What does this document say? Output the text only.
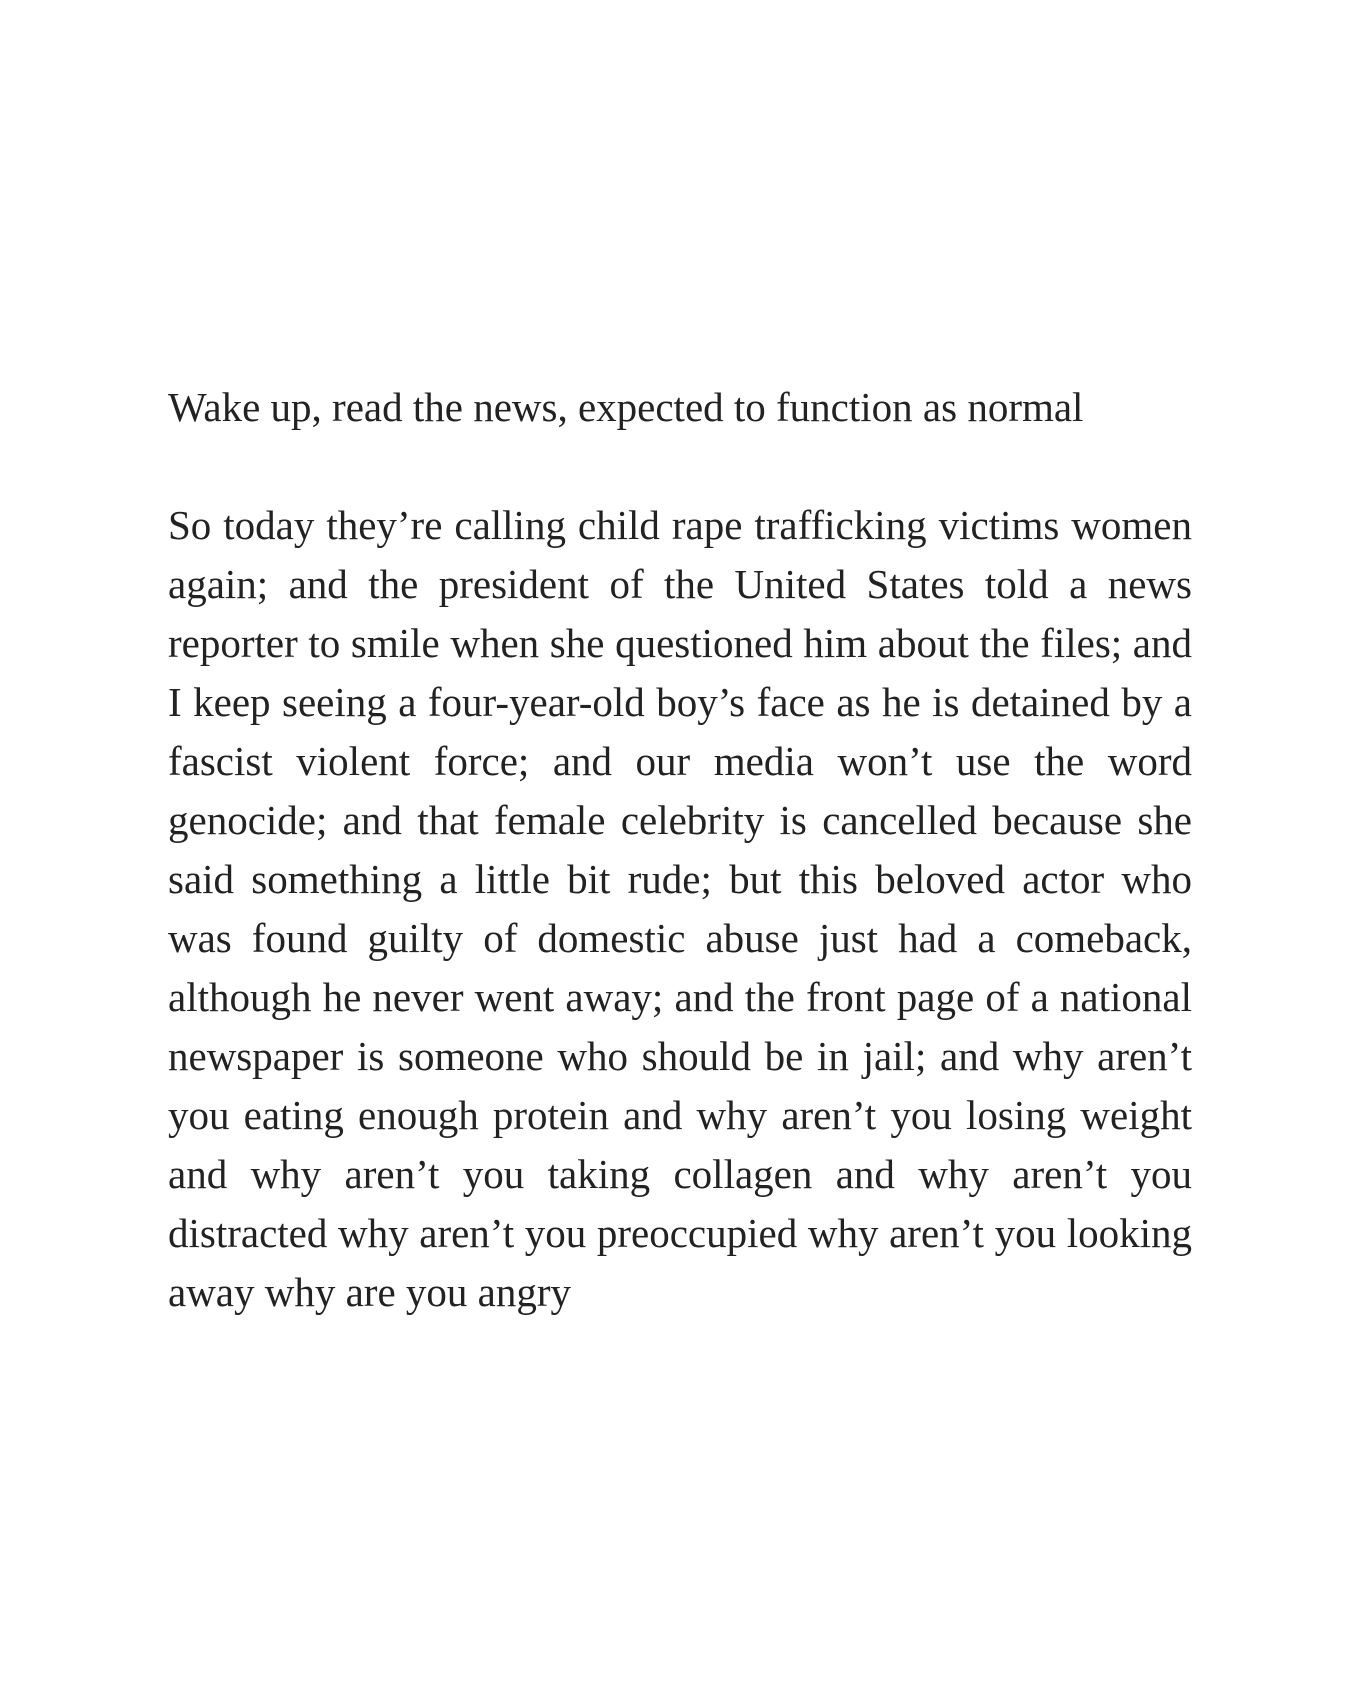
Wake up, read the news, expected to function as normal

So today they’re calling child rape trafficking victims women again; and the president of the United States told a news reporter to smile when she questioned him about the files; and I keep seeing a four-year-old boy’s face as he is detained by a fascist violent force; and our media won’t use the word genocide; and that female celebrity is cancelled because she said something a little bit rude; but this beloved actor who was found guilty of domestic abuse just had a comeback, although he never went away; and the front page of a national newspaper is someone who should be in jail; and why aren’t you eating enough protein and why aren’t you losing weight and why aren’t you taking collagen and why aren’t you distracted why aren’t you preoccupied why aren’t you looking away why are you angry
